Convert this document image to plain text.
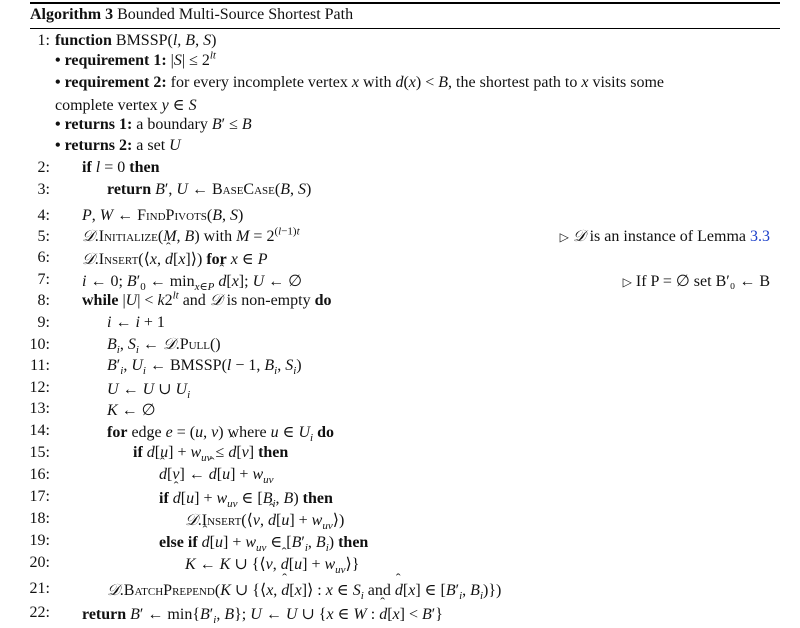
Algorithm 3 Bounded Multi-Source Shortest Path
1: function BMSSP(l, B, S)
• requirement 1: $|S| \le 2^{lt}$
• requirement 2: for every incomplete vertex x with d(x) < B, the shortest path to x visits some
complete vertex y ∈ S
• returns 1: a boundary B′ ≤ B
• returns 2: a set U
2: if l = 0 then
3:	return B′, U ← BaseCase(B, S)
4: P, W ← FindPivots(B, S)
5: 𝒟.Initialize(M, B) with $M = 2^{(l-1)t}$	▷ 𝒟 is an instance of Lemma 3.3
6: 𝒟.Insert(⟨x, ˆ d[x]⟩) for x ∈ P
7: i ← 0; $B'_0$ ← $\min_{x\in P}$ ˆ d[x]; U ← ∅	▷ If P = ∅ set B′₀ ← B
8: while $|U| < k2^{lt}$ and 𝒟 is non-empty do
9:	i ← i + 1
10:	$B_i$, $S_i$ ← 𝒟.Pull()
11:	$B'_i$, $U_i$ ← BMSSP(l − 1, $B_i$, $S_i$)
12:	U ← U ∪ $U_i$
13:	K ← ∅
14:	for edge e = (u, v) where u ∈ $U_i$ do
15:	if ˆ $d[u] + w_{uv}$ ≤ ˆ d[v] then
16:	ˆ d[v] ← ˆ $d[u] + w_{uv}$
17:	if ˆ $d[u] + w_{uv}$ ∈ [$B_i$, B) then
18:	𝒟.Insert(⟨v, ˆ $d[u] + w_{uv}⟩$)
19:	else if ˆ $d[u] + w_{uv}$ ∈ [$B'_i$, $B_i$) then
20:	K ← K ∪ {⟨v, ˆ $d[u] + w_{uv}⟩$}
21:	𝒟.BatchPrepend(K ∪ {⟨x, ˆ d[x]⟩ : x ∈ $S_i$ and ˆ d[x] ∈ [$B'_i$, $B_i$)})
22: return B′ ← $\min\{B'_i$, B}; U ← U ∪ {x ∈ W : ˆ d[x] < B′}
